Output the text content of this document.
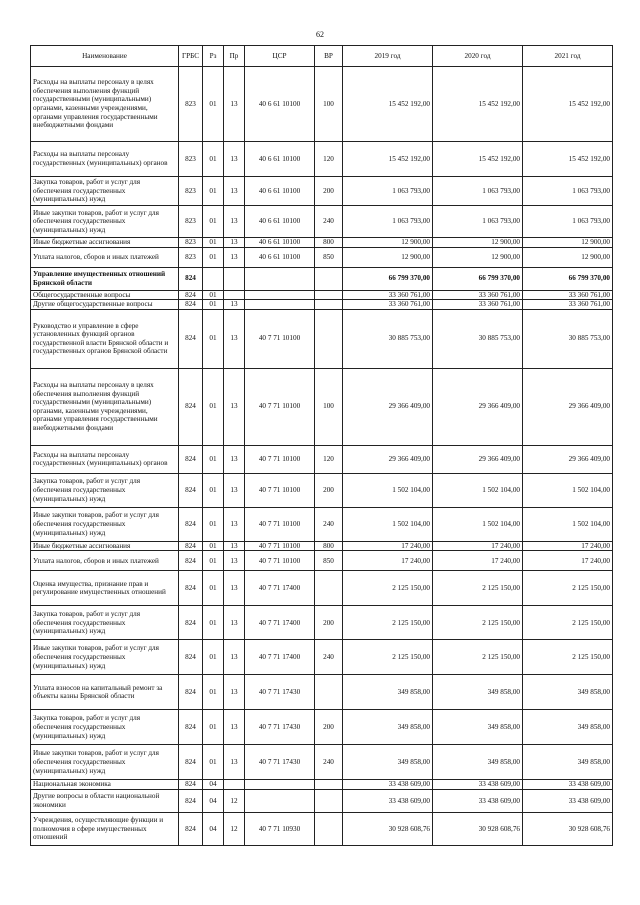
62
Наименование	ГРБС	Рз	Пр	ЦСР	ВР	2019 год	2020 год	2021 год
Расходы на выплаты персоналу в целях обеспечения выполнения функций государственными (муниципальными) органами, казенными учреждениями, органами управления государственными внебюджетными фондами	823	01	13	40 6 61 10100	100	15 452 192,00	15 452 192,00	15 452 192,00
Расходы на выплаты персоналу государственных (муниципальных) органов	823	01	13	40 6 61 10100	120	15 452 192,00	15 452 192,00	15 452 192,00
Закупка товаров, работ и услуг для обеспечения государственных (муниципальных) нужд	823	01	13	40 6 61 10100	200	1 063 793,00	1 063 793,00	1 063 793,00
Иные закупки товаров, работ и услуг для обеспечения государственных (муниципальных) нужд	823	01	13	40 6 61 10100	240	1 063 793,00	1 063 793,00	1 063 793,00
Иные бюджетные ассигнования	823	01	13	40 6 61 10100	800	12 900,00	12 900,00	12 900,00
Уплата налогов, сборов и иных платежей	823	01	13	40 6 61 10100	850	12 900,00	12 900,00	12 900,00
Управление имущественных отношений Брянской области	824					66 799 370,00	66 799 370,00	66 799 370,00
Общегосударственные вопросы	824	01				33 360 761,00	33 360 761,00	33 360 761,00
Другие общегосударственные вопросы	824	01	13			33 360 761,00	33 360 761,00	33 360 761,00
Руководство и управление в сфере установленных функций органов государственной власти Брянской области и государственных органов Брянской области	824	01	13	40 7 71 10100		30 885 753,00	30 885 753,00	30 885 753,00
Расходы на выплаты персоналу в целях обеспечения выполнения функций государственными (муниципальными) органами, казенными учреждениями, органами управления государственными внебюджетными фондами	824	01	13	40 7 71 10100	100	29 366 409,00	29 366 409,00	29 366 409,00
Расходы на выплаты персоналу государственных (муниципальных) органов	824	01	13	40 7 71 10100	120	29 366 409,00	29 366 409,00	29 366 409,00
Закупка товаров, работ и услуг для обеспечения государственных (муниципальных) нужд	824	01	13	40 7 71 10100	200	1 502 104,00	1 502 104,00	1 502 104,00
Иные закупки товаров, работ и услуг для обеспечения государственных (муниципальных) нужд	824	01	13	40 7 71 10100	240	1 502 104,00	1 502 104,00	1 502 104,00
Иные бюджетные ассигнования	824	01	13	40 7 71 10100	800	17 240,00	17 240,00	17 240,00
Уплата налогов, сборов и иных платежей	824	01	13	40 7 71 10100	850	17 240,00	17 240,00	17 240,00
Оценка имущества, признание прав и регулирование имущественных отношений	824	01	13	40 7 71 17400		2 125 150,00	2 125 150,00	2 125 150,00
Закупка товаров, работ и услуг для обеспечения государственных (муниципальных) нужд	824	01	13	40 7 71 17400	200	2 125 150,00	2 125 150,00	2 125 150,00
Иные закупки товаров, работ и услуг для обеспечения государственных (муниципальных) нужд	824	01	13	40 7 71 17400	240	2 125 150,00	2 125 150,00	2 125 150,00
Уплата взносов на капитальный ремонт за объекты казны Брянской области	824	01	13	40 7 71 17430		349 858,00	349 858,00	349 858,00
Закупка товаров, работ и услуг для обеспечения государственных (муниципальных) нужд	824	01	13	40 7 71 17430	200	349 858,00	349 858,00	349 858,00
Иные закупки товаров, работ и услуг для обеспечения государственных (муниципальных) нужд	824	01	13	40 7 71 17430	240	349 858,00	349 858,00	349 858,00
Национальная экономика	824	04				33 438 609,00	33 438 609,00	33 438 609,00
Другие вопросы в области национальной экономики	824	04	12			33 438 609,00	33 438 609,00	33 438 609,00
Учреждения, осуществляющие функции и полномочия в сфере имущественных отношений	824	04	12	40 7 71 10930		30 928 608,76	30 928 608,76	30 928 608,76
